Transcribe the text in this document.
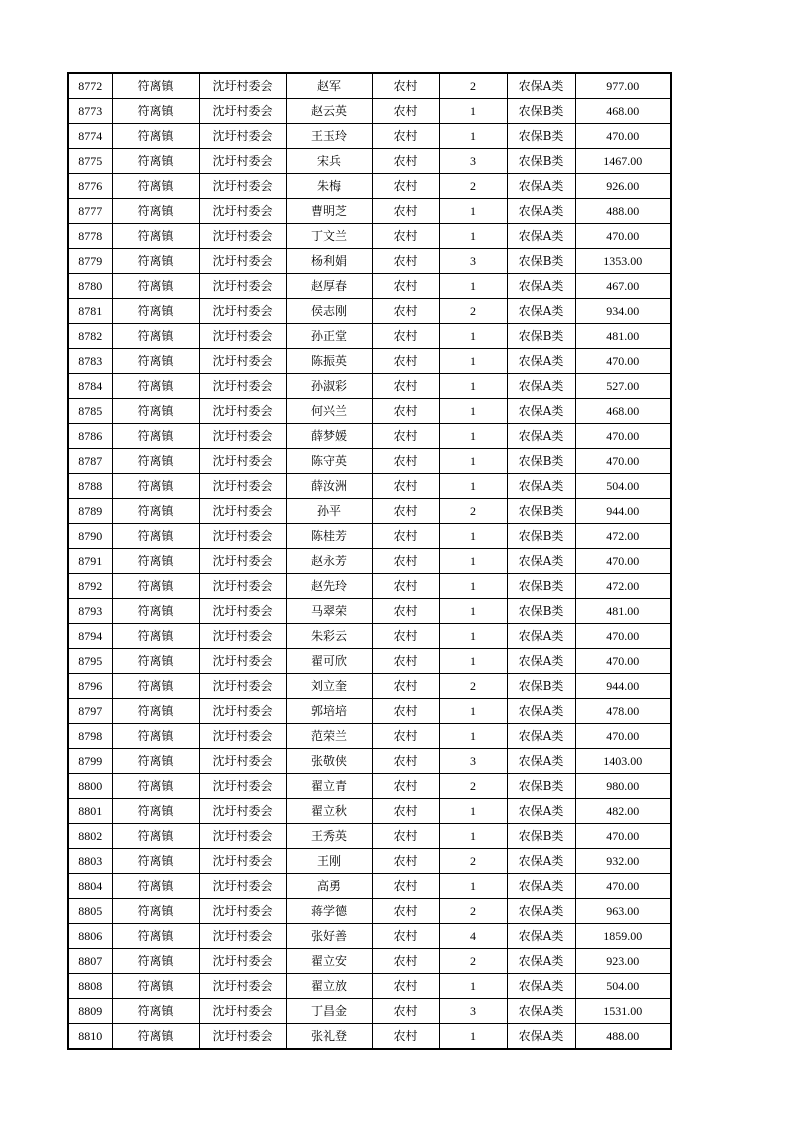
8772	符离镇	沈圩村委会	赵军	农村	2	农保A类	977.00
8773	符离镇	沈圩村委会	赵云英	农村	1	农保B类	468.00
8774	符离镇	沈圩村委会	王玉玲	农村	1	农保B类	470.00
8775	符离镇	沈圩村委会	宋兵	农村	3	农保B类	1467.00
8776	符离镇	沈圩村委会	朱梅	农村	2	农保A类	926.00
8777	符离镇	沈圩村委会	曹明芝	农村	1	农保A类	488.00
8778	符离镇	沈圩村委会	丁文兰	农村	1	农保A类	470.00
8779	符离镇	沈圩村委会	杨利娟	农村	3	农保B类	1353.00
8780	符离镇	沈圩村委会	赵厚春	农村	1	农保A类	467.00
8781	符离镇	沈圩村委会	侯志刚	农村	2	农保A类	934.00
8782	符离镇	沈圩村委会	孙正堂	农村	1	农保B类	481.00
8783	符离镇	沈圩村委会	陈振英	农村	1	农保A类	470.00
8784	符离镇	沈圩村委会	孙淑彩	农村	1	农保A类	527.00
8785	符离镇	沈圩村委会	何兴兰	农村	1	农保A类	468.00
8786	符离镇	沈圩村委会	薛梦媛	农村	1	农保A类	470.00
8787	符离镇	沈圩村委会	陈守英	农村	1	农保B类	470.00
8788	符离镇	沈圩村委会	薛汝洲	农村	1	农保A类	504.00
8789	符离镇	沈圩村委会	孙平	农村	2	农保B类	944.00
8790	符离镇	沈圩村委会	陈桂芳	农村	1	农保B类	472.00
8791	符离镇	沈圩村委会	赵永芳	农村	1	农保A类	470.00
8792	符离镇	沈圩村委会	赵先玲	农村	1	农保B类	472.00
8793	符离镇	沈圩村委会	马翠荣	农村	1	农保B类	481.00
8794	符离镇	沈圩村委会	朱彩云	农村	1	农保A类	470.00
8795	符离镇	沈圩村委会	翟可欣	农村	1	农保A类	470.00
8796	符离镇	沈圩村委会	刘立奎	农村	2	农保B类	944.00
8797	符离镇	沈圩村委会	郭培培	农村	1	农保A类	478.00
8798	符离镇	沈圩村委会	范荣兰	农村	1	农保A类	470.00
8799	符离镇	沈圩村委会	张敬侠	农村	3	农保A类	1403.00
8800	符离镇	沈圩村委会	翟立青	农村	2	农保B类	980.00
8801	符离镇	沈圩村委会	翟立秋	农村	1	农保A类	482.00
8802	符离镇	沈圩村委会	王秀英	农村	1	农保B类	470.00
8803	符离镇	沈圩村委会	王刚	农村	2	农保A类	932.00
8804	符离镇	沈圩村委会	高勇	农村	1	农保A类	470.00
8805	符离镇	沈圩村委会	蒋学德	农村	2	农保A类	963.00
8806	符离镇	沈圩村委会	张好善	农村	4	农保A类	1859.00
8807	符离镇	沈圩村委会	翟立安	农村	2	农保A类	923.00
8808	符离镇	沈圩村委会	翟立放	农村	1	农保A类	504.00
8809	符离镇	沈圩村委会	丁昌金	农村	3	农保A类	1531.00
8810	符离镇	沈圩村委会	张礼登	农村	1	农保A类	488.00
